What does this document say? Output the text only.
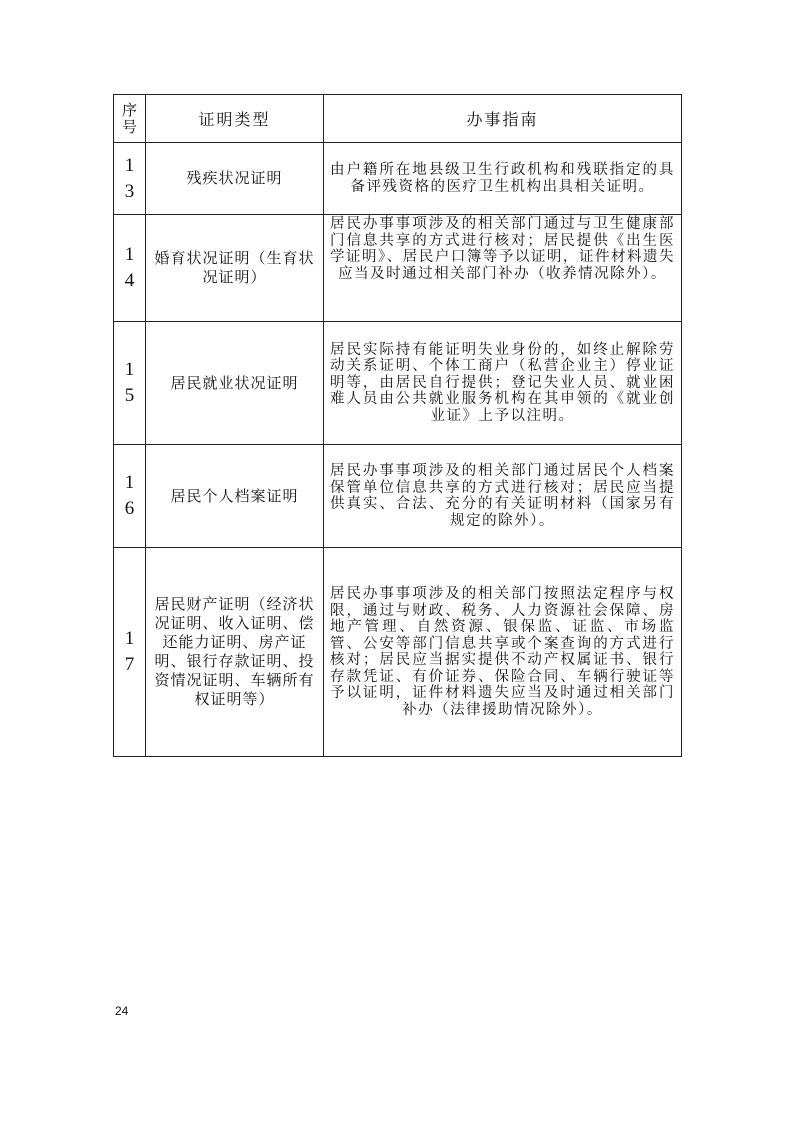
序
号	证明类型	办事指南

1
3	残疾状况证明	由户籍所在地县级卫生行政机构和残联指定的具备评残资格的医疗卫生机构出具相关证明。

1
4	婚育状况证明（生育状况证明）	居民办事事项涉及的相关部门通过与卫生健康部门信息共享的方式进行核对；居民提供《出生医学证明》、居民户口簿等予以证明，证件材料遗失应当及时通过相关部门补办（收养情况除外）。

1
5	居民就业状况证明	居民实际持有能证明失业身份的，如终止解除劳动关系证明、个体工商户（私营企业主）停业证明等，由居民自行提供；登记失业人员、就业困难人员由公共就业服务机构在其申领的《就业创业证》上予以注明。

1
6	居民个人档案证明	居民办事事项涉及的相关部门通过居民个人档案保管单位信息共享的方式进行核对；居民应当提供真实、合法、充分的有关证明材料（国家另有规定的除外）。

1
7	居民财产证明（经济状况证明、收入证明、偿还能力证明、房产证明、银行存款证明、投资情况证明、车辆所有权证明等）	居民办事事项涉及的相关部门按照法定程序与权限，通过与财政、税务、人力资源社会保障、房地产管理、自然资源、银保监、证监、市场监管、公安等部门信息共享或个案查询的方式进行核对；居民应当据实提供不动产权属证书、银行存款凭证、有价证券、保险合同、车辆行驶证等予以证明，证件材料遗失应当及时通过相关部门补办（法律援助情况除外）。
24
